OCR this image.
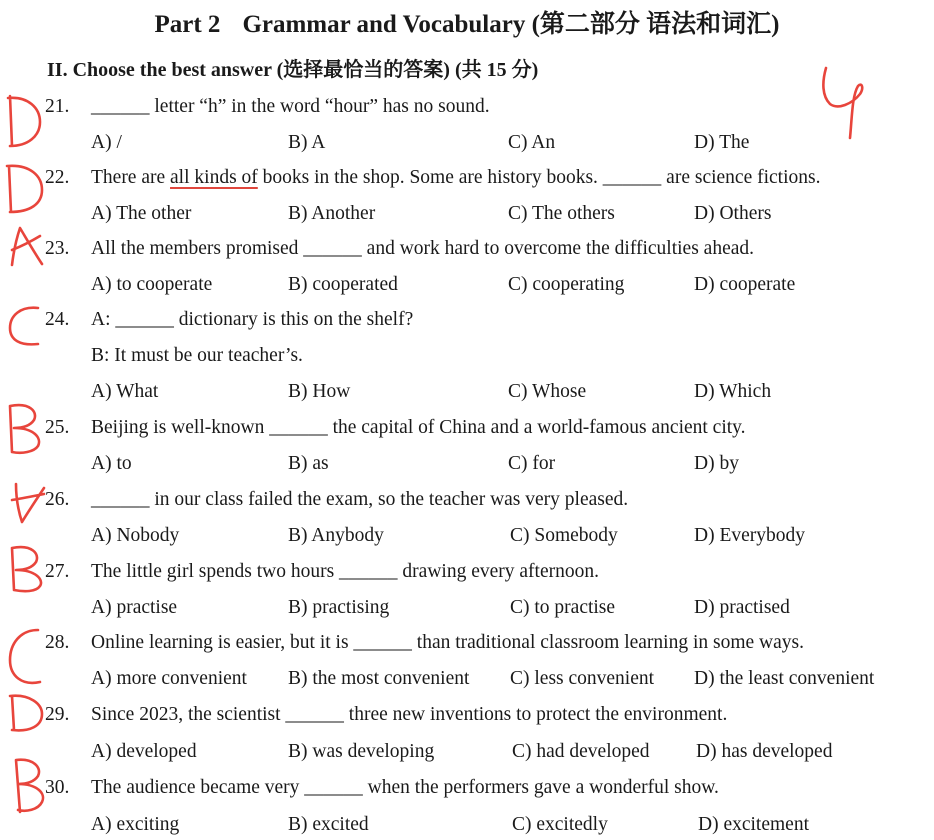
Part 2 Grammar and Vocabulary (第二部分 语法和词汇)
II. Choose the best answer (选择最恰当的答案) (共 15 分)
21.	______ letter “h” in the word “hour” has no sound.
A) /	B) A	C) An	D) The
22.	There are all kinds of books in the shop. Some are history books. ______ are science fictions.
A) The other	B) Another	C) The others	D) Others
23.	All the members promised ______ and work hard to overcome the difficulties ahead.
A) to cooperate	B) cooperated	C) cooperating	D) cooperate
24.	A: ______ dictionary is this on the shelf?
B: It must be our teacher’s.
A) What	B) How	C) Whose	D) Which
25.	Beijing is well-known ______ the capital of China and a world-famous ancient city.
A) to	B) as	C) for	D) by
26.	______ in our class failed the exam, so the teacher was very pleased.
A) Nobody	B) Anybody	C) Somebody	D) Everybody
27.	The little girl spends two hours ______ drawing every afternoon.
A) practise	B) practising	C) to practise	D) practised
28.	Online learning is easier, but it is ______ than traditional classroom learning in some ways.
A) more convenient B) the most convenient C) less convenient D) the least convenient
29.	Since 2023, the scientist ______ three new inventions to protect the environment.
A) developed	B) was developing	C) had developed D) has developed
30.	The audience became very ______ when the performers gave a wonderful show.
A) exciting	B) excited	C) excitedly	D) excitement
